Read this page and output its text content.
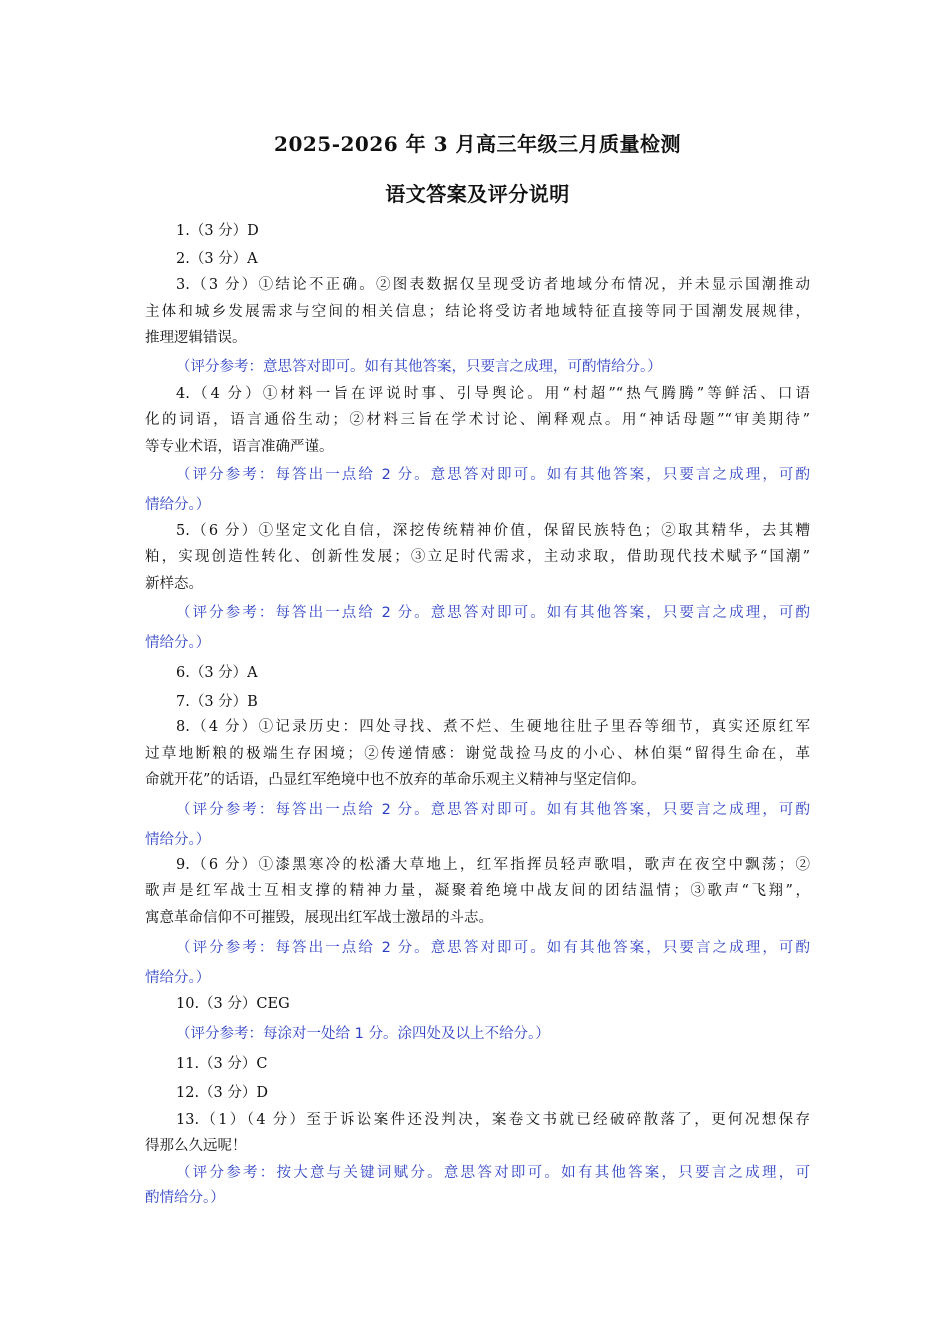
2025-2026 年 3 月高三年级三月质量检测
语文答案及评分说明
1.（3 分）D
2.（3 分）A
3.（3 分）①结论不正确。②图表数据仅呈现受访者地域分布情况，并未显示国潮推动
主体和城乡发展需求与空间的相关信息；结论将受访者地域特征直接等同于国潮发展规律，
推理逻辑错误。
（评分参考：意思答对即可。如有其他答案，只要言之成理，可酌情给分。）
4.（4 分）①材料一旨在评说时事、引导舆论。用“村超”“热气腾腾”等鲜活、口语
化的词语，语言通俗生动；②材料三旨在学术讨论、阐释观点。用“神话母题”“审美期待”
等专业术语，语言准确严谨。
（评分参考：每答出一点给 2 分。意思答对即可。如有其他答案，只要言之成理，可酌
情给分。）
5.（6 分）①坚定文化自信，深挖传统精神价值，保留民族特色；②取其精华，去其糟
粕，实现创造性转化、创新性发展；③立足时代需求，主动求取，借助现代技术赋予“国潮”
新样态。
（评分参考：每答出一点给 2 分。意思答对即可。如有其他答案，只要言之成理，可酌
情给分。）
6.（3 分）A
7.（3 分）B
8.（4 分）①记录历史：四处寻找、煮不烂、生硬地往肚子里吞等细节，真实还原红军
过草地断粮的极端生存困境；②传递情感：谢觉哉捡马皮的小心、林伯渠“留得生命在，革
命就开花”的话语，凸显红军绝境中也不放弃的革命乐观主义精神与坚定信仰。
（评分参考：每答出一点给 2 分。意思答对即可。如有其他答案，只要言之成理，可酌
情给分。）
9.（6 分）①漆黑寒冷的松潘大草地上，红军指挥员轻声歌唱，歌声在夜空中飘荡；②
歌声是红军战士互相支撑的精神力量，凝聚着绝境中战友间的团结温情；③歌声“飞翔”，
寓意革命信仰不可摧毁，展现出红军战士激昂的斗志。
（评分参考：每答出一点给 2 分。意思答对即可。如有其他答案，只要言之成理，可酌
情给分。）
10.（3 分）CEG
（评分参考：每涂对一处给 1 分。涂四处及以上不给分。）
11.（3 分）C
12.（3 分）D
13.（1）（4 分）至于诉讼案件还没判决，案卷文书就已经破碎散落了，更何况想保存
得那么久远呢！
（评分参考：按大意与关键词赋分。意思答对即可。如有其他答案，只要言之成理，可
酌情给分。）
